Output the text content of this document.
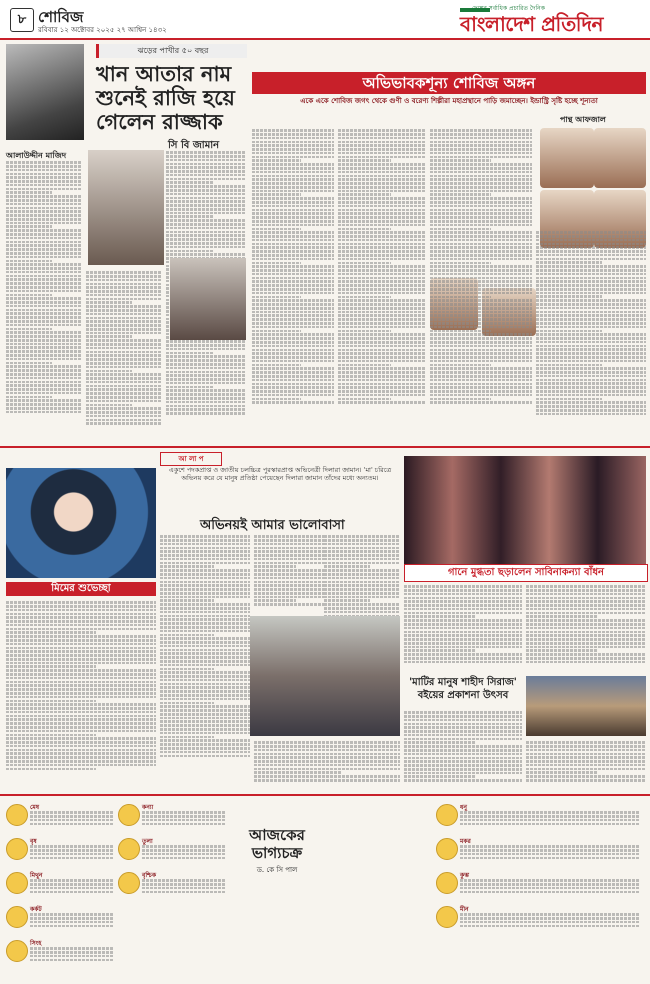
৮ শোবিজ
রবিবার ১২ অক্টোবর ২০২৫ ২৭ আশ্বিন ১৪৩২
দেশের সর্বাধিক প্রচারিত দৈনিক
বাংলাদেশ প্রতিদিন
ঝড়ের পাখীর ৫০ বছর
খান আতার নাম শুনেই রাজি হয়ে গেলেন রাজ্জাক
সি বি জামান
আলাউদ্দীন মাজিদ
অভিভাবকশূন্য শোবিজ অঙ্গন
একে একে শোবিজ জগৎ থেকে গুণী ও বরেণ্য শিল্পীরা মহাপ্রস্থানে পাড়ি জমাচ্ছেন। ইন্ডাস্ট্রি সৃষ্টি হচ্ছে শূন্যতা
পান্থ আফজাল
মিমের শুভেচ্ছা
আ লা প
একুশে পদকপ্রাপ্ত ও জাতীয় চলচ্চিত্র পুরস্কারপ্রাপ্ত অভিনেত্রী দিলারা জামান। 'মা' চরিত্রে অভিনয় করে যে মানুষ প্রতিষ্ঠা পেয়েছেন দিলারা জামান তাঁদের মধ্যে অন্যতম।
অভিনয়ই আমার ভালোবাসা
গানে মুগ্ধতা ছড়ালেন সাবিনাকন্যা বাঁধন
'মাটির মানুষ শাহীদ সিরাজ' বইয়ের প্রকাশনা উৎসব
মেষ
বৃষ
মিথুন
কর্কট
সিংহ
কন্যা
তুলা
বৃশ্চিক
ধনু
মকর
কুম্ভ
মীন
আজকের ভাগ্যচক্র
ড. কে সি পাল
